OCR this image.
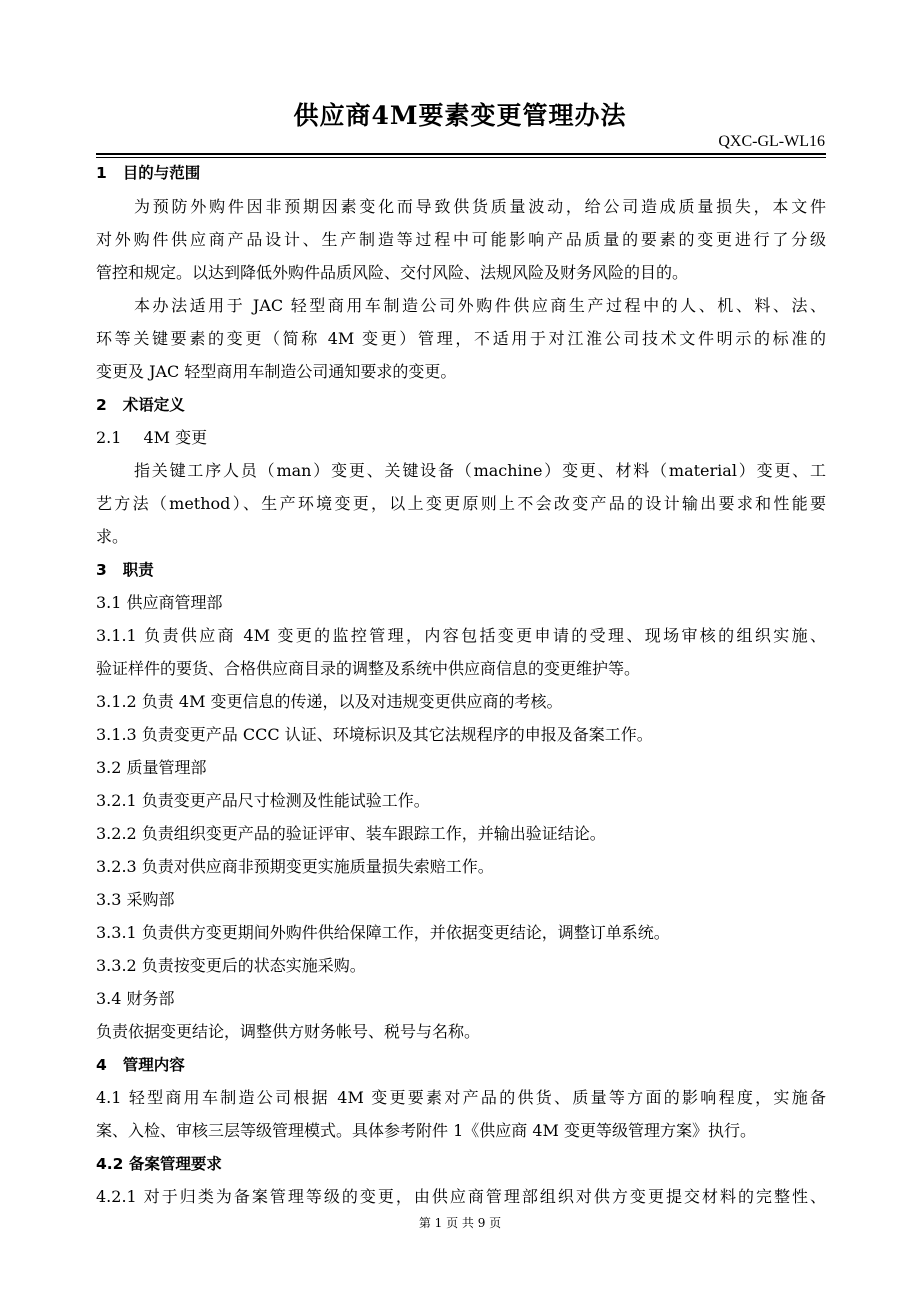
供应商4M要素变更管理办法
QXC-GL-WL16
1 目的与范围
为预防外购件因非预期因素变化而导致供货质量波动，给公司造成质量损失，本文件
对外购件供应商产品设计、生产制造等过程中可能影响产品质量的要素的变更进行了分级
管控和规定。以达到降低外购件品质风险、交付风险、法规风险及财务风险的目的。
本办法适用于 JAC 轻型商用车制造公司外购件供应商生产过程中的人、机、料、法、
环等关键要素的变更（简称 4M 变更）管理，不适用于对江淮公司技术文件明示的标准的
变更及 JAC 轻型商用车制造公司通知要求的变更。
2 术语定义
2.1 4M 变更
指关键工序人员（man）变更、关键设备（machine）变更、材料（material）变更、工
艺方法（method）、生产环境变更，以上变更原则上不会改变产品的设计输出要求和性能要
求。
3 职责
3.1 供应商管理部
3.1.1 负责供应商 4M 变更的监控管理，内容包括变更申请的受理、现场审核的组织实施、
验证样件的要货、合格供应商目录的调整及系统中供应商信息的变更维护等。
3.1.2 负责 4M 变更信息的传递，以及对违规变更供应商的考核。
3.1.3 负责变更产品 CCC 认证、环境标识及其它法规程序的申报及备案工作。
3.2 质量管理部
3.2.1 负责变更产品尺寸检测及性能试验工作。
3.2.2 负责组织变更产品的验证评审、装车跟踪工作，并输出验证结论。
3.2.3 负责对供应商非预期变更实施质量损失索赔工作。
3.3 采购部
3.3.1 负责供方变更期间外购件供给保障工作，并依据变更结论，调整订单系统。
3.3.2 负责按变更后的状态实施采购。
3.4 财务部
负责依据变更结论，调整供方财务帐号、税号与名称。
4 管理内容
4.1 轻型商用车制造公司根据 4M 变更要素对产品的供货、质量等方面的影响程度，实施备
案、入检、审核三层等级管理模式。具体参考附件 1《供应商 4M 变更等级管理方案》执行。
4.2 备案管理要求
4.2.1 对于归类为备案管理等级的变更，由供应商管理部组织对供方变更提交材料的完整性、
第 1 页 共 9 页
